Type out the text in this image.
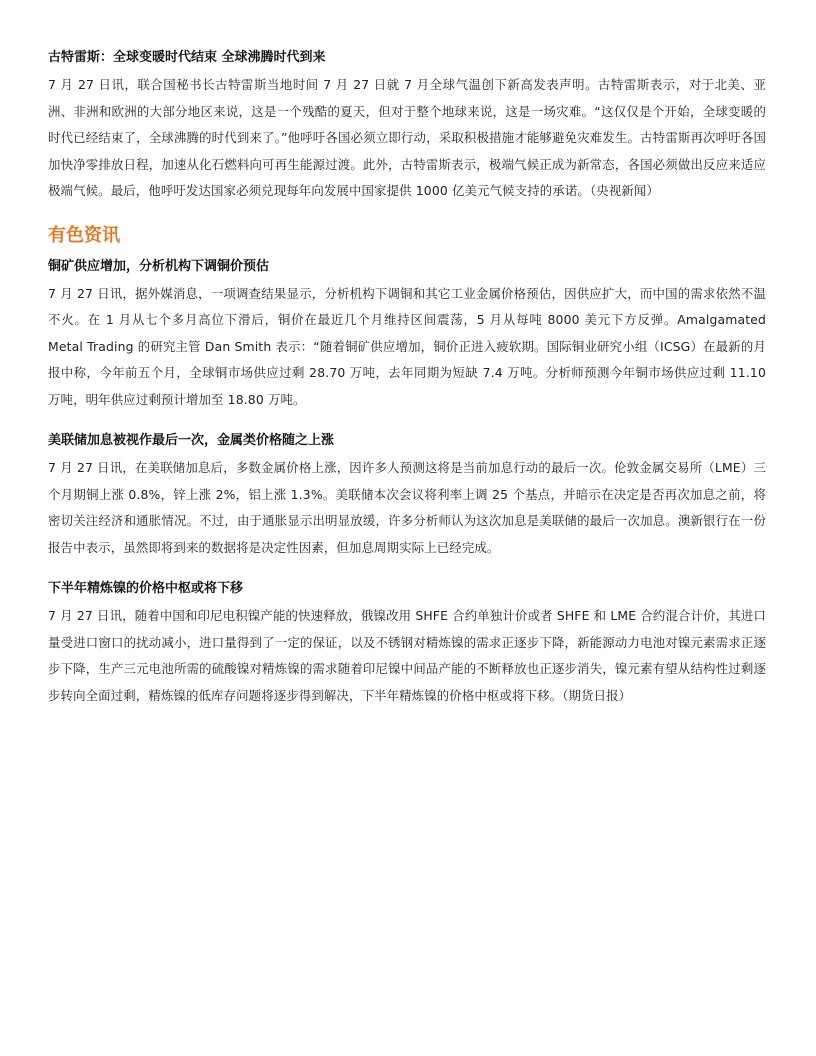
古特雷斯：全球变暖时代结束 全球沸腾时代到来

7 月 27 日讯，联合国秘书长古特雷斯当地时间 7 月 27 日就 7 月全球气温创下新高发表声明。古特雷斯表示，对于北美、亚洲、非洲和欧洲的大部分地区来说，这是一个残酷的夏天，但对于整个地球来说，这是一场灾难。“这仅仅是个开始，全球变暖的时代已经结束了，全球沸腾的时代到来了。”他呼吁各国必须立即行动，采取积极措施才能够避免灾难发生。古特雷斯再次呼吁各国加快净零排放日程，加速从化石燃料向可再生能源过渡。此外，古特雷斯表示，极端气候正成为新常态，各国必须做出反应来适应极端气候。最后，他呼吁发达国家必须兑现每年向发展中国家提供 1000 亿美元气候支持的承诺。（央视新闻）

有色资讯
铜矿供应增加，分析机构下调铜价预估

7 月 27 日讯，据外媒消息，一项调查结果显示，分析机构下调铜和其它工业金属价格预估，因供应扩大，而中国的需求依然不温不火。在 1 月从七个多月高位下滑后，铜价在最近几个月维持区间震荡，5 月从每吨 8000 美元下方反弹。Amalgamated Metal Trading 的研究主管 Dan Smith 表示：“随着铜矿供应增加，铜价正进入疲软期。国际铜业研究小组（ICSG）在最新的月报中称，今年前五个月，全球铜市场供应过剩 28.70 万吨，去年同期为短缺 7.4 万吨。分析师预测今年铜市场供应过剩 11.10 万吨，明年供应过剩预计增加至 18.80 万吨。

美联储加息被视作最后一次，金属类价格随之上涨

7 月 27 日讯，在美联储加息后，多数金属价格上涨，因许多人预测这将是当前加息行动的最后一次。伦敦金属交易所（LME）三个月期铜上涨 0.8%，锌上涨 2%，铝上涨 1.3%。美联储本次会议将利率上调 25 个基点，并暗示在决定是否再次加息之前，将密切关注经济和通胀情况。不过，由于通胀显示出明显放缓，许多分析师认为这次加息是美联储的最后一次加息。澳新银行在一份报告中表示，虽然即将到来的数据将是决定性因素，但加息周期实际上已经完成。

下半年精炼镍的价格中枢或将下移

7 月 27 日讯，随着中国和印尼电积镍产能的快速释放，俄镍改用 SHFE 合约单独计价或者 SHFE 和 LME 合约混合计价，其进口量受进口窗口的扰动减小，进口量得到了一定的保证，以及不锈钢对精炼镍的需求正逐步下降，新能源动力电池对镍元素需求正逐步下降，生产三元电池所需的硫酸镍对精炼镍的需求随着印尼镍中间品产能的不断释放也正逐步消失，镍元素有望从结构性过剩逐步转向全面过剩，精炼镍的低库存问题将逐步得到解决，下半年精炼镍的价格中枢或将下移。（期货日报）
